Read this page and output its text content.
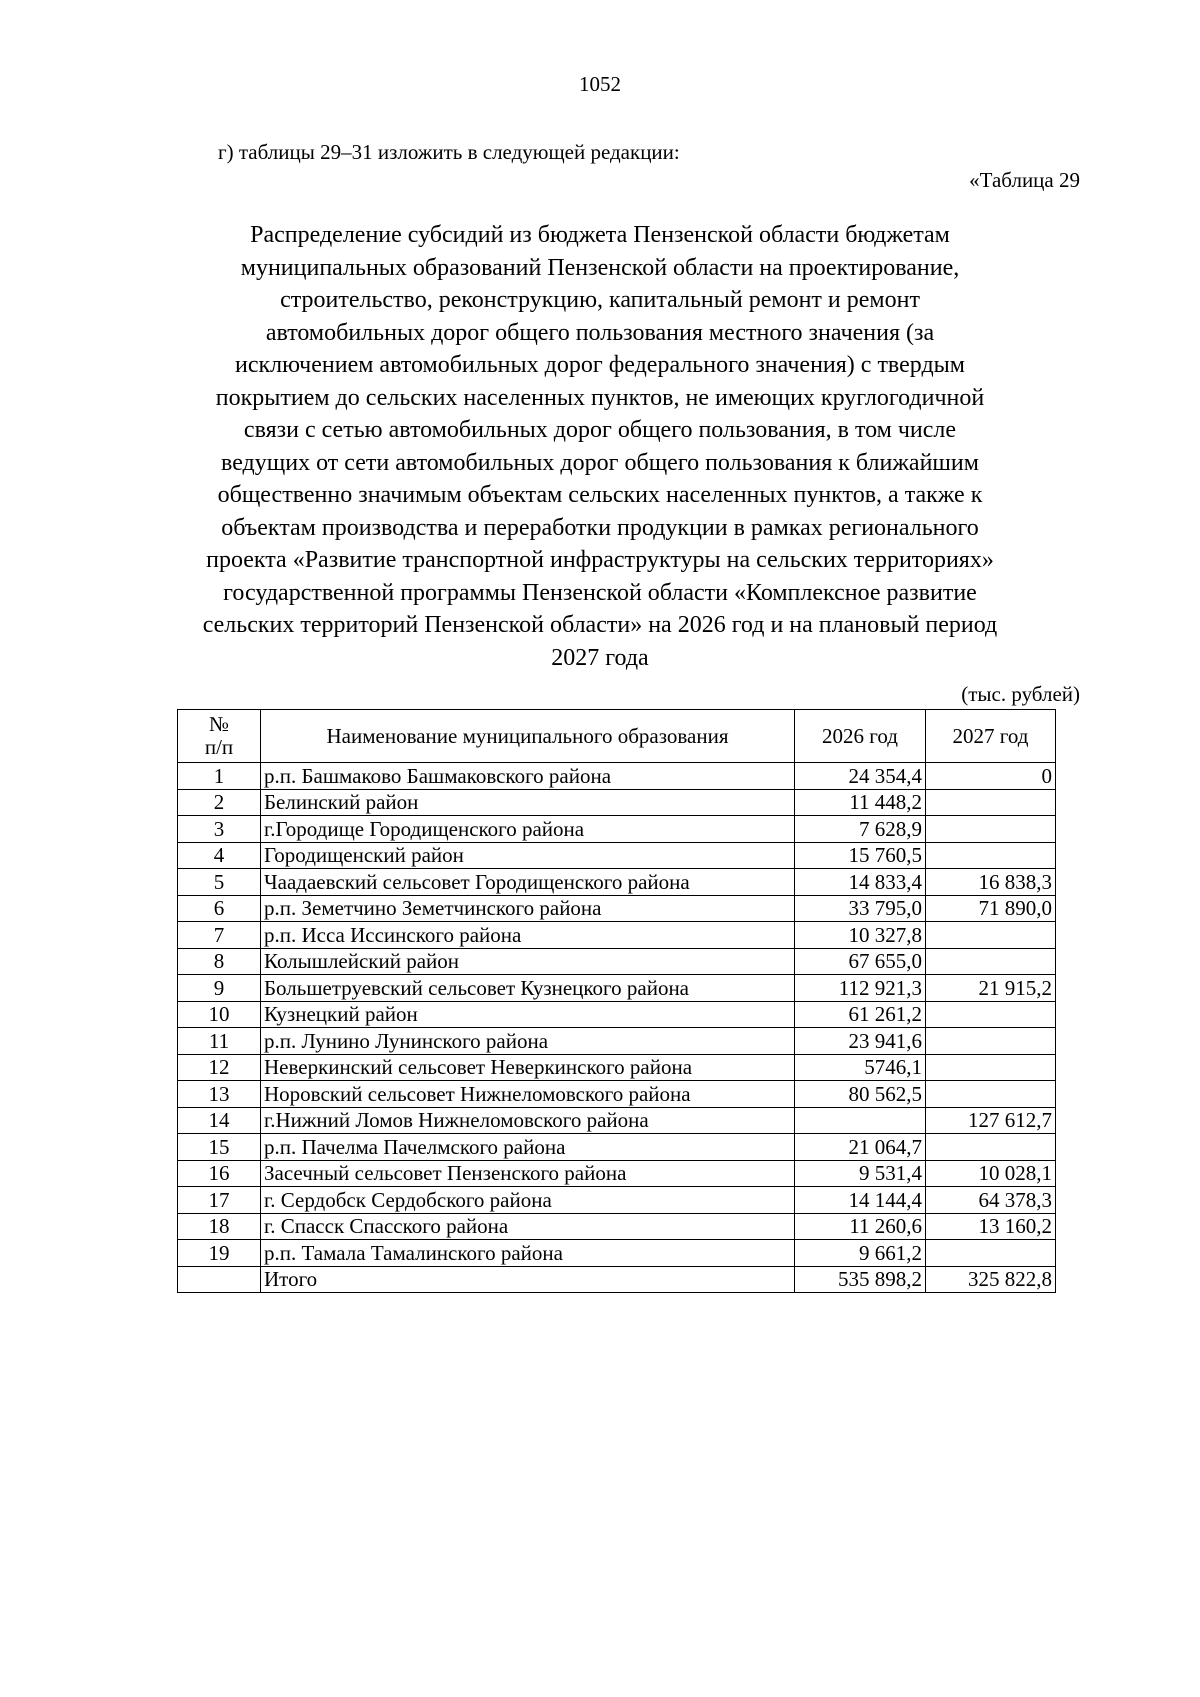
1052
г) таблицы 29–31 изложить в следующей редакции:
«Таблица 29
Распределение субсидий из бюджета Пензенской области бюджетам
муниципальных образований Пензенской области на проектирование,
строительство, реконструкцию, капитальный ремонт и ремонт
автомобильных дорог общего пользования местного значения (за
исключением автомобильных дорог федерального значения) с твердым
покрытием до сельских населенных пунктов, не имеющих круглогодичной
связи с сетью автомобильных дорог общего пользования, в том числе
ведущих от сети автомобильных дорог общего пользования к ближайшим
общественно значимым объектам сельских населенных пунктов, а также к
объектам производства и переработки продукции в рамках регионального
проекта «Развитие транспортной инфраструктуры на сельских территориях»
государственной программы Пензенской области «Комплексное развитие
сельских территорий Пензенской области» на 2026 год и на плановый период
2027 года
(тыс. рублей)
№
п/п	Наименование муниципального образования	2026 год	2027 год
1	р.п. Башмаково Башмаковского района	24 354,4	0
2	Белинский район	11 448,2	
3	г.Городище Городищенского района	7 628,9	
4	Городищенский район	15 760,5	
5	Чаадаевский сельсовет Городищенского района	14 833,4	16 838,3
6	р.п. Земетчино Земетчинского района	33 795,0	71 890,0
7	р.п. Исса Иссинского района	10 327,8	
8	Колышлейский район	67 655,0	
9	Большетруевский сельсовет Кузнецкого района	112 921,3	21 915,2
10	Кузнецкий район	61 261,2	
11	р.п. Лунино Лунинского района	23 941,6	
12	Неверкинский сельсовет Неверкинского района	5746,1	
13	Норовский сельсовет Нижнеломовского района	80 562,5	
14	г.Нижний Ломов Нижнеломовского района		127 612,7
15	р.п. Пачелма Пачелмского района	21 064,7	
16	Засечный сельсовет Пензенского района	9 531,4	10 028,1
17	г. Сердобск Сердобского района	14 144,4	64 378,3
18	г. Спасск Спасского района	11 260,6	13 160,2
19	р.п. Тамала Тамалинского района	9 661,2	
	Итого	535 898,2	325 822,8
